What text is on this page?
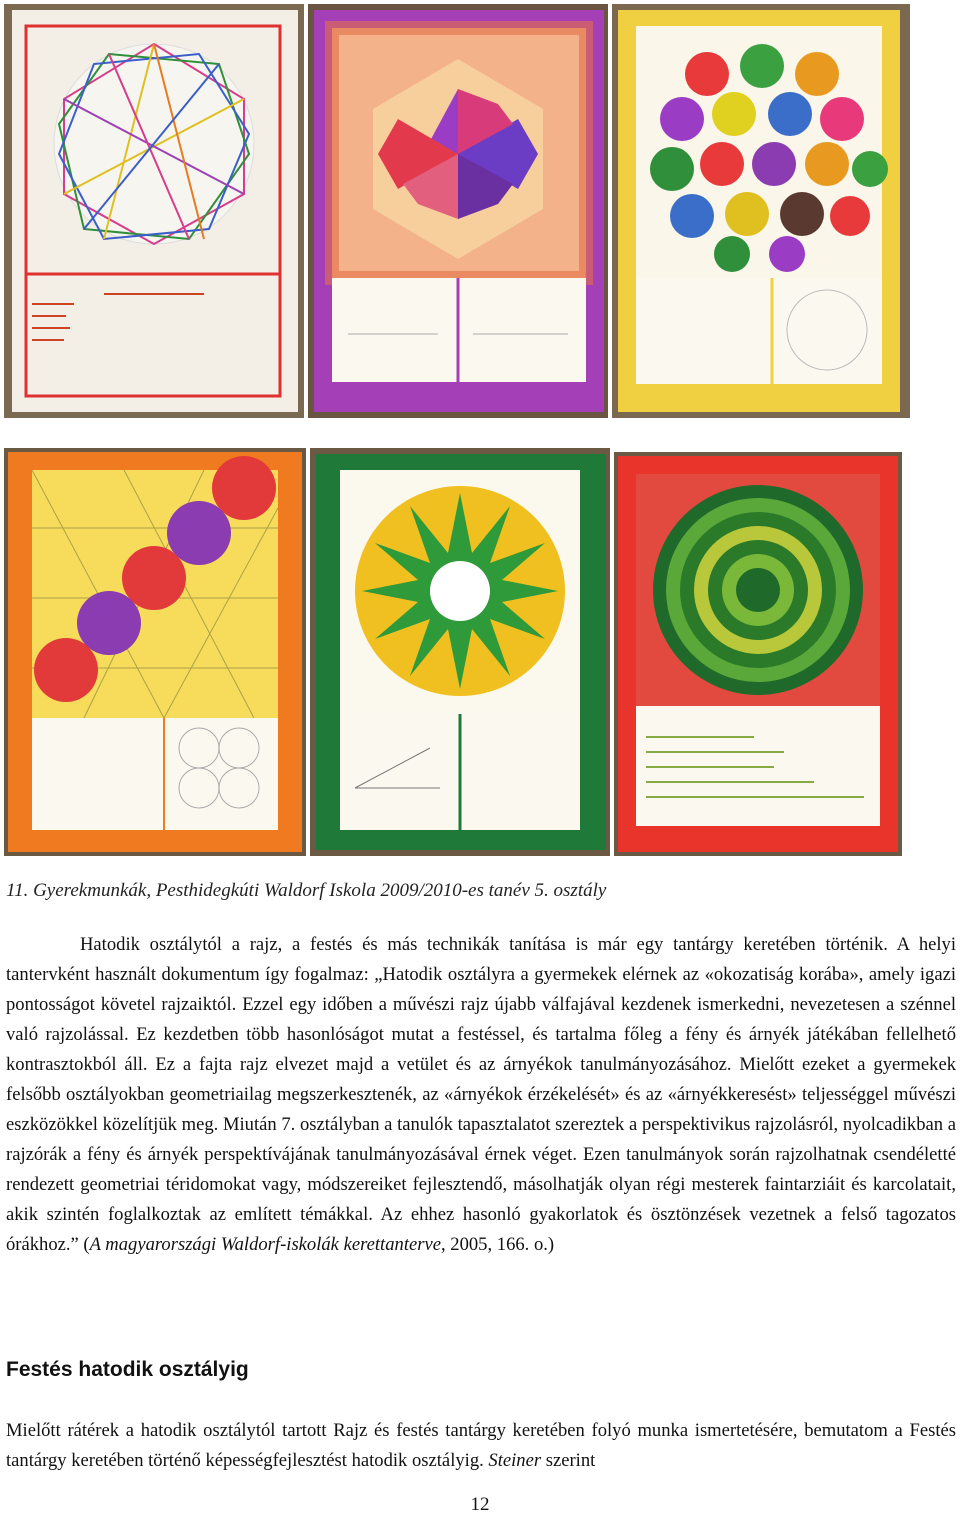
11. Gyerekmunkák, Pesthidegkúti Waldorf Iskola 2009/2010-es tanév 5. osztály

Hatodik osztálytól a rajz, a festés és más technikák tanítása is már egy tantárgy keretében történik. A helyi tantervként használt dokumentum így fogalmaz: „Hatodik osztályra a gyermekek elérnek az «okozatiság korába», amely igazi pontosságot követel rajzaiktól. Ezzel egy időben a művészi rajz újabb válfajával kezdenek ismerkedni, nevezetesen a szénnel való rajzolással. Ez kezdetben több hasonlóságot mutat a festéssel, és tartalma főleg a fény és árnyék játékában fellelhető kontrasztokból áll. Ez a fajta rajz elvezet majd a vetület és az árnyékok tanulmányozásához. Mielőtt ezeket a gyermekek felsőbb osztályokban geometriailag megszerkesztenék, az «árnyékok érzékelését» és az «árnyékkeresést» teljességgel művészi eszközökkel közelítjük meg. Miután 7. osztályban a tanulók tapasztalatot szereztek a perspektivikus rajzolásról, nyolcadikban a rajzórák a fény és árnyék perspektívájának tanulmányozásával érnek véget. Ezen tanulmányok során rajzolhatnak csendéletté rendezett geometriai téridomokat vagy, módszereiket fejlesztendő, másolhatják olyan régi mesterek faintarziáit és karcolatait, akik szintén foglalkoztak az említett témákkal. Az ehhez hasonló gyakorlatok és ösztönzések vezetnek a felső tagozatos órákhoz.” (A magyarországi Waldorf-iskolák kerettanterve, 2005, 166. o.)

Festés hatodik osztályig

Mielőtt rátérek a hatodik osztálytól tartott Rajz és festés tantárgy keretében folyó munka ismertetésére, bemutatom a Festés tantárgy keretében történő képességfejlesztést hatodik osztályig. Steiner szerint

12
